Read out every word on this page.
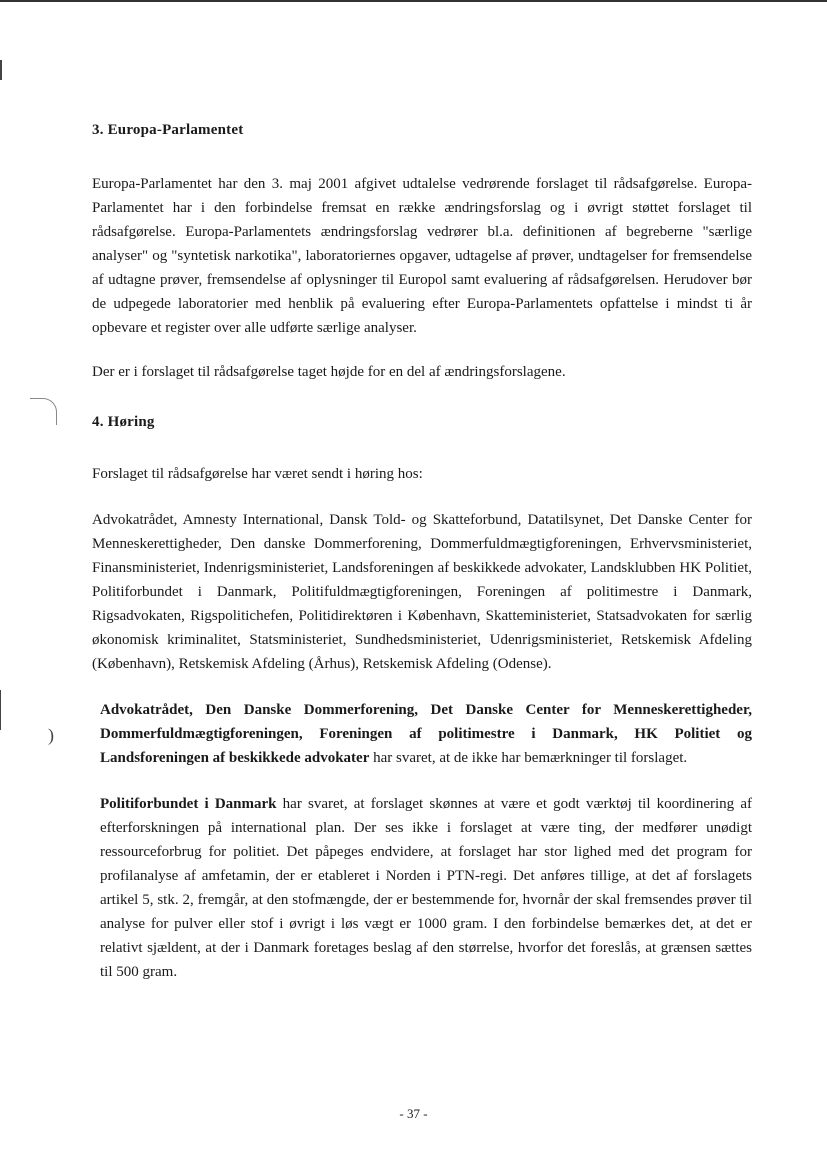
)
3. Europa-Parlamentet

Europa-Parlamentet har den 3. maj 2001 afgivet udtalelse vedrørende forslaget til rådsafgørelse. Europa-Parlamentet har i den forbindelse fremsat en række ændringsforslag og i øvrigt støttet forslaget til rådsafgørelse. Europa-Parlamentets ændringsforslag vedrører bl.a. definitionen af begreberne "særlige analyser" og "syntetisk narkotika", laboratoriernes opgaver, udtagelse af prøver, undtagelser for fremsendelse af udtagne prøver, fremsendelse af oplysninger til Europol samt evaluering af rådsafgørelsen. Herudover bør de udpegede laboratorier med henblik på evaluering efter Europa-Parlamentets opfattelse i mindst ti år opbevare et register over alle udførte særlige analyser.

Der er i forslaget til rådsafgørelse taget højde for en del af ændringsforslagene.

4. Høring

Forslaget til rådsafgørelse har været sendt i høring hos:

Advokatrådet, Amnesty International, Dansk Told- og Skatteforbund, Datatilsynet, Det Danske Center for Menneskerettigheder, Den danske Dommerforening, Dommerfuldmægtigforeningen, Erhvervsministeriet, Finansministeriet, Indenrigsministeriet, Landsforeningen af beskikkede advokater, Landsklubben HK Politiet, Politiforbundet i Danmark, Politifuldmægtigforeningen, Foreningen af politimestre i Danmark, Rigsadvokaten, Rigspolitichefen, Politidirektøren i København, Skatteministeriet, Statsadvokaten for særlig økonomisk kriminalitet, Statsministeriet, Sundhedsministeriet, Udenrigsministeriet, Retskemisk Afdeling (København), Retskemisk Afdeling (Århus), Retskemisk Afdeling (Odense).

Advokatrådet, Den Danske Dommerforening, Det Danske Center for Menneskerettigheder, Dommerfuldmægtigforeningen, Foreningen af politimestre i Danmark, HK Politiet og Landsforeningen af beskikkede advokater har svaret, at de ikke har bemærkninger til forslaget.

Politiforbundet i Danmark har svaret, at forslaget skønnes at være et godt værktøj til koordinering af efterforskningen på international plan. Der ses ikke i forslaget at være ting, der medfører unødigt ressourceforbrug for politiet. Det påpeges endvidere, at forslaget har stor lighed med det program for profilanalyse af amfetamin, der er etableret i Norden i PTN-regi. Det anføres tillige, at det af forslagets artikel 5, stk. 2, fremgår, at den stofmængde, der er bestemmende for, hvornår der skal fremsendes prøver til analyse for pulver eller stof i øvrigt i løs vægt er 1000 gram. I den forbindelse bemærkes det, at det er relativt sjældent, at der i Danmark foretages beslag af den størrelse, hvorfor det foreslås, at grænsen sættes til 500 gram.

- 37 -
